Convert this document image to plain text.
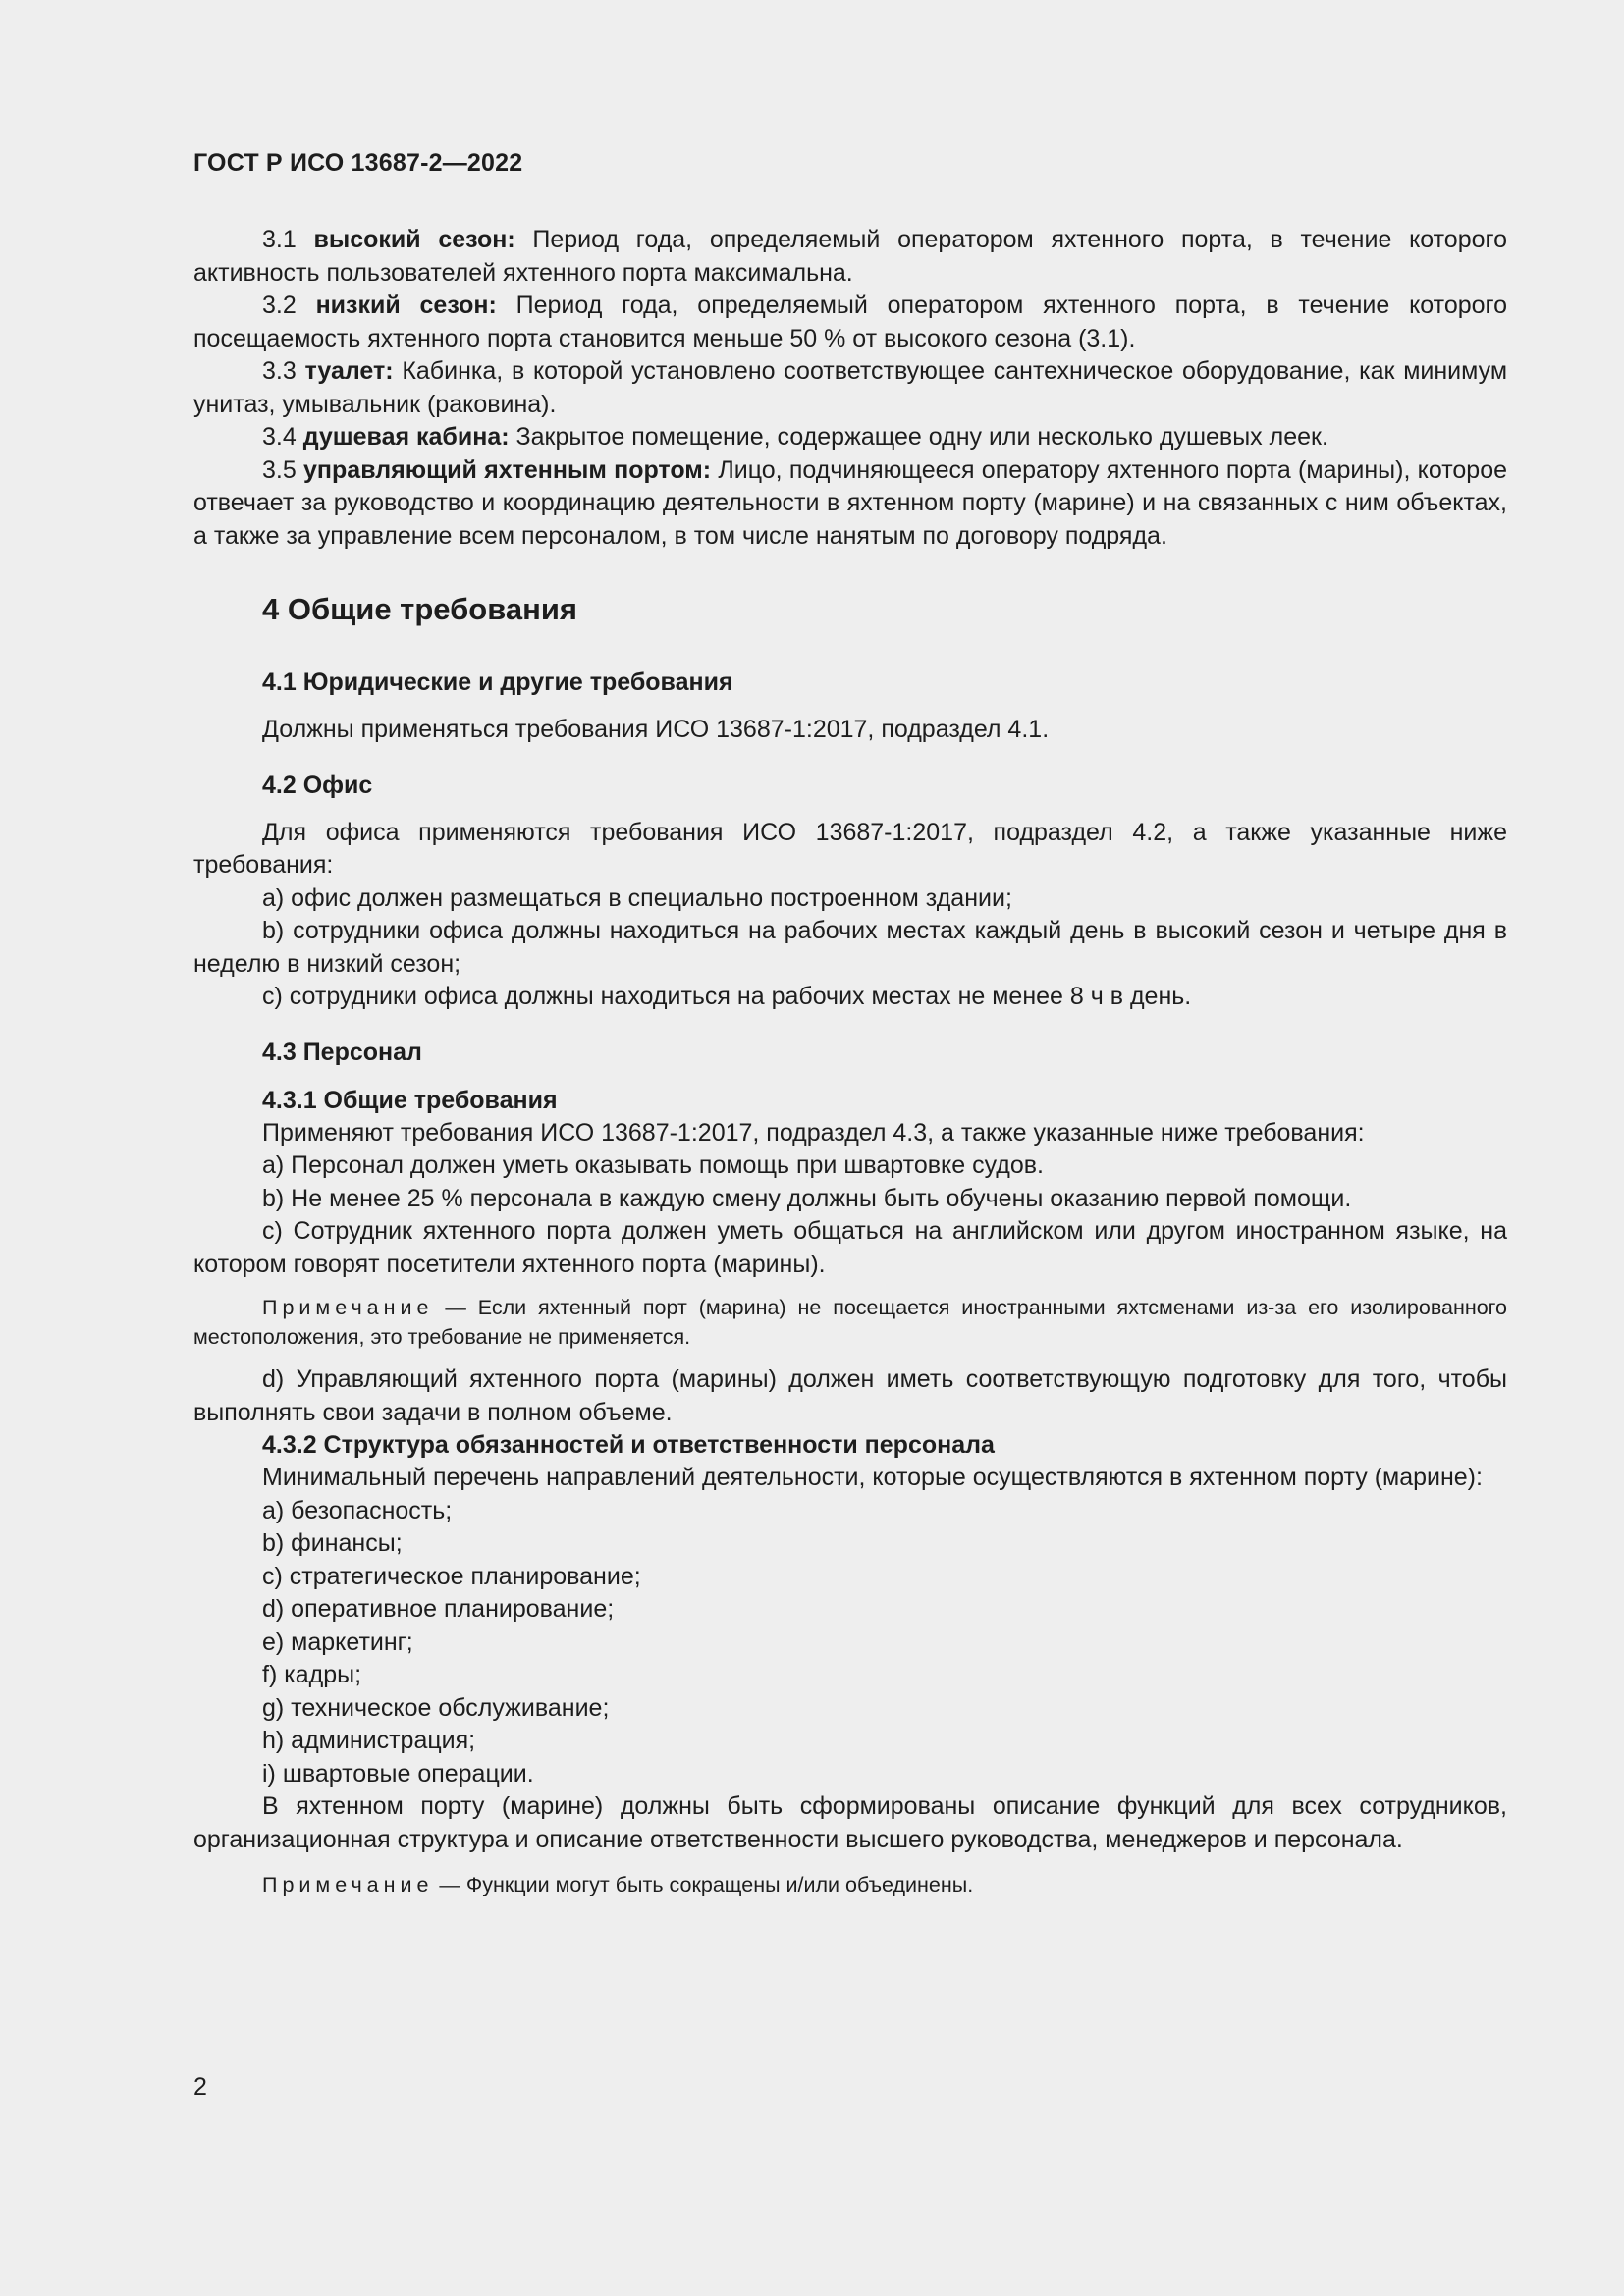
ГОСТ Р ИСО 13687-2—2022

3.1 высокий сезон: Период года, определяемый оператором яхтенного порта, в течение которого активность пользователей яхтенного порта максимальна.

3.2 низкий сезон: Период года, определяемый оператором яхтенного порта, в течение которого посещаемость яхтенного порта становится меньше 50 % от высокого сезона (3.1).

3.3 туалет: Кабинка, в которой установлено соответствующее сантехническое оборудование, как минимум унитаз, умывальник (раковина).

3.4 душевая кабина: Закрытое помещение, содержащее одну или несколько душевых леек.

3.5 управляющий яхтенным портом: Лицо, подчиняющееся оператору яхтенного порта (марины), которое отвечает за руководство и координацию деятельности в яхтенном порту (марине) и на связанных с ним объектах, а также за управление всем персоналом, в том числе нанятым по договору подряда.

4 Общие требования
4.1 Юридические и другие требования

Должны применяться требования ИСО 13687-1:2017, подраздел 4.1.

4.2 Офис

Для офиса применяются требования ИСО 13687-1:2017, подраздел 4.2, а также указанные ниже требования:

a) офис должен размещаться в специально построенном здании;

b) сотрудники офиса должны находиться на рабочих местах каждый день в высокий сезон и четыре дня в неделю в низкий сезон;

c) сотрудники офиса должны находиться на рабочих местах не менее 8 ч в день.

4.3 Персонал
4.3.1 Общие требования

Применяют требования ИСО 13687-1:2017, подраздел 4.3, а также указанные ниже требования:

a) Персонал должен уметь оказывать помощь при швартовке судов.

b) Не менее 25 % персонала в каждую смену должны быть обучены оказанию первой помощи.

c) Сотрудник яхтенного порта должен уметь общаться на английском или другом иностранном языке, на котором говорят посетители яхтенного порта (марины).

Примечание — Если яхтенный порт (марина) не посещается иностранными яхтсменами из-за его изолированного местоположения, это требование не применяется.

d) Управляющий яхтенного порта (марины) должен иметь соответствующую подготовку для того, чтобы выполнять свои задачи в полном объеме.

4.3.2 Структура обязанностей и ответственности персонала

Минимальный перечень направлений деятельности, которые осуществляются в яхтенном порту (марине):

a) безопасность;

b) финансы;

c) стратегическое планирование;

d) оперативное планирование;

e) маркетинг;

f) кадры;

g) техническое обслуживание;

h) администрация;

i) швартовые операции.

В яхтенном порту (марине) должны быть сформированы описание функций для всех сотрудников, организационная структура и описание ответственности высшего руководства, менеджеров и персонала.

Примечание — Функции могут быть сокращены и/или объединены.

2
